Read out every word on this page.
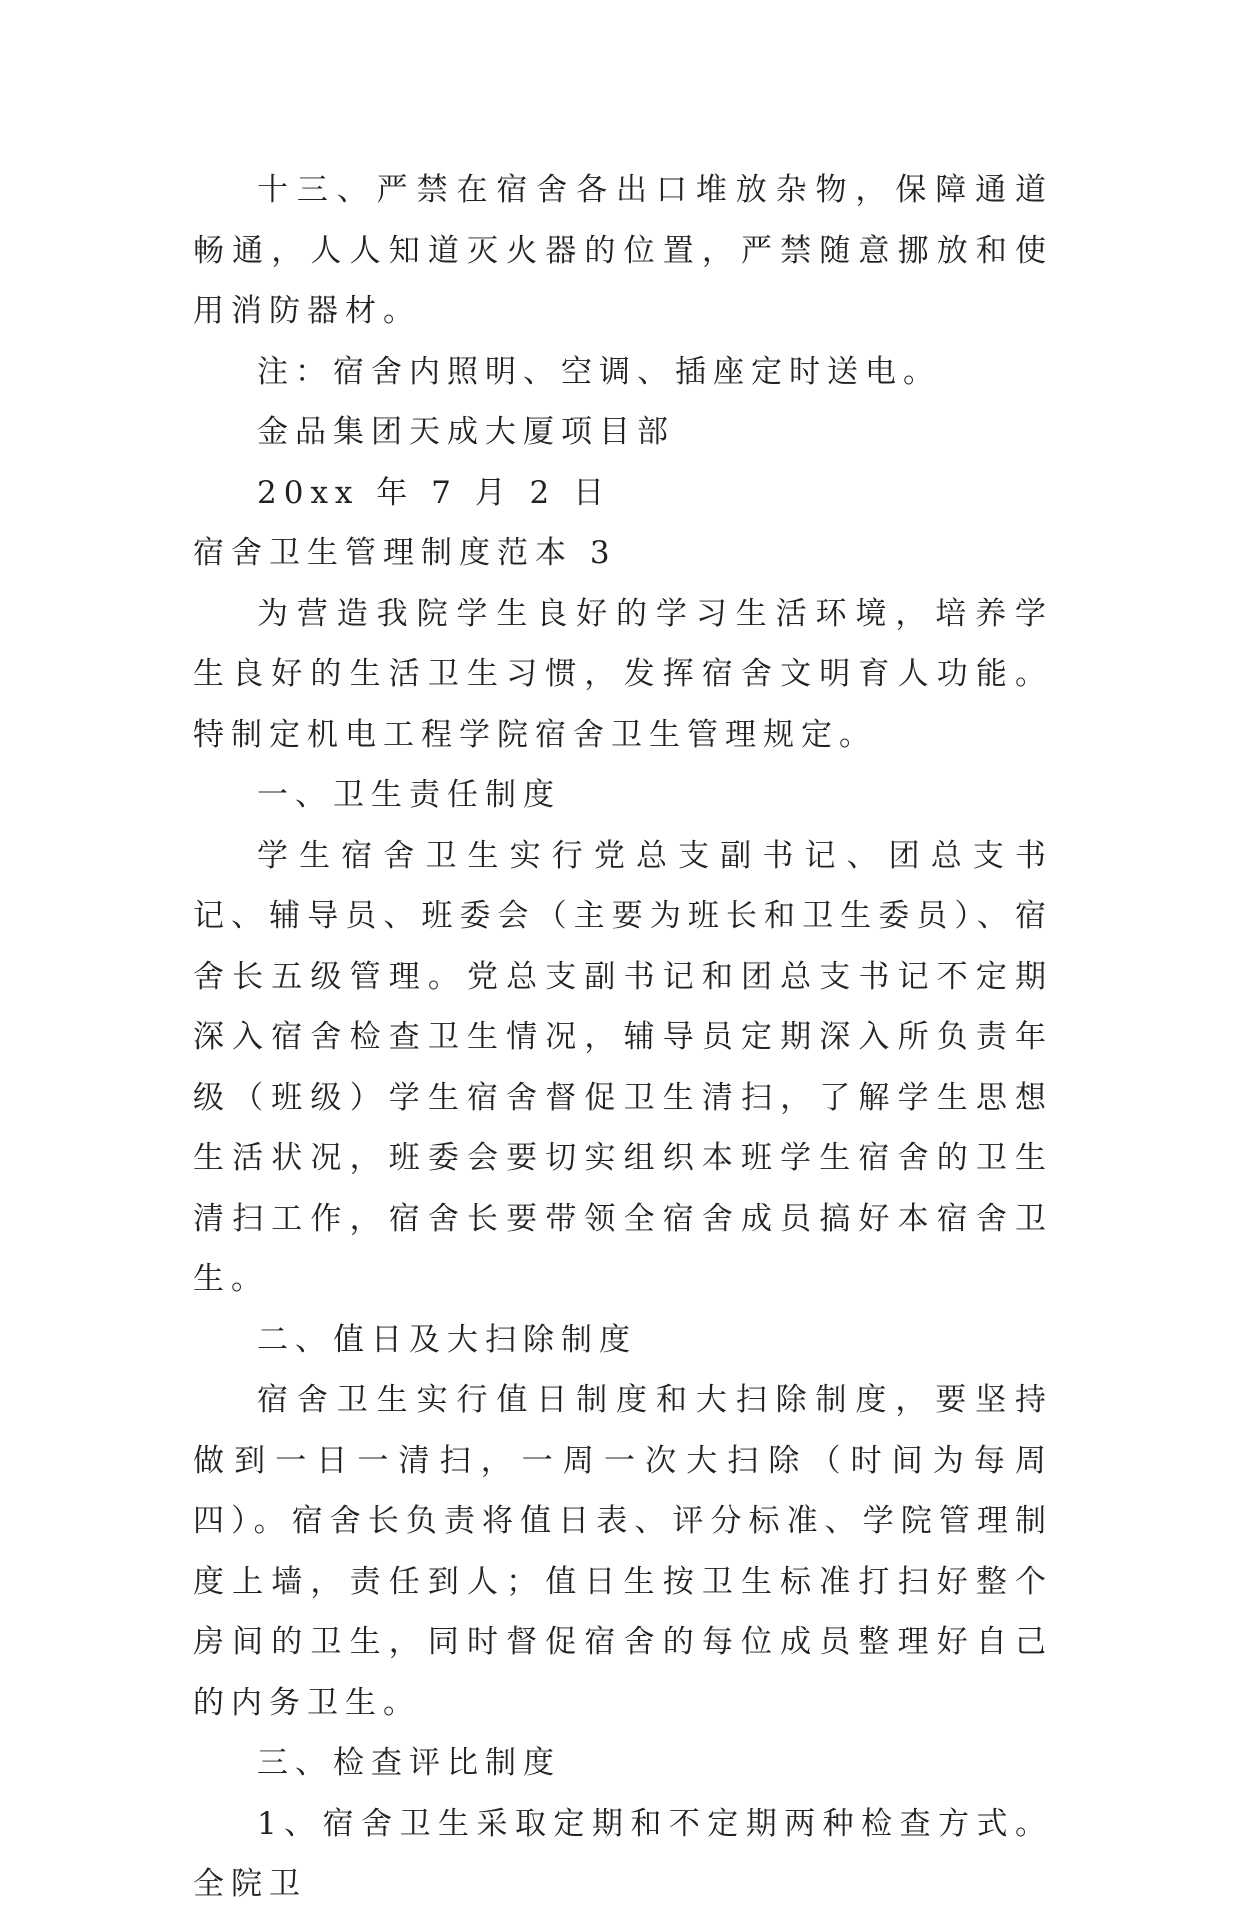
十三、严禁在宿舍各出口堆放杂物，保障通道畅通，人人知道灭火器的位置，严禁随意挪放和使用消防器材。

注：宿舍内照明、空调、插座定时送电。

金品集团天成大厦项目部

20xx 年 7 月 2 日

宿舍卫生管理制度范本 3

为营造我院学生良好的学习生活环境，培养学生良好的生活卫生习惯，发挥宿舍文明育人功能。特制定机电工程学院宿舍卫生管理规定。

一、卫生责任制度

学生宿舍卫生实行党总支副书记、团总支书记、辅导员、班委会（主要为班长和卫生委员）、宿舍长五级管理。党总支副书记和团总支书记不定期深入宿舍检查卫生情况，辅导员定期深入所负责年级（班级）学生宿舍督促卫生清扫，了解学生思想生活状况，班委会要切实组织本班学生宿舍的卫生清扫工作，宿舍长要带领全宿舍成员搞好本宿舍卫生。

二、值日及大扫除制度

宿舍卫生实行值日制度和大扫除制度，要坚持做到一日一清扫，一周一次大扫除（时间为每周四）。宿舍长负责将值日表、评分标准、学院管理制度上墙，责任到人；值日生按卫生标准打扫好整个房间的卫生，同时督促宿舍的每位成员整理好自己的内务卫生。

三、检查评比制度

1、宿舍卫生采取定期和不定期两种检查方式。全院卫
